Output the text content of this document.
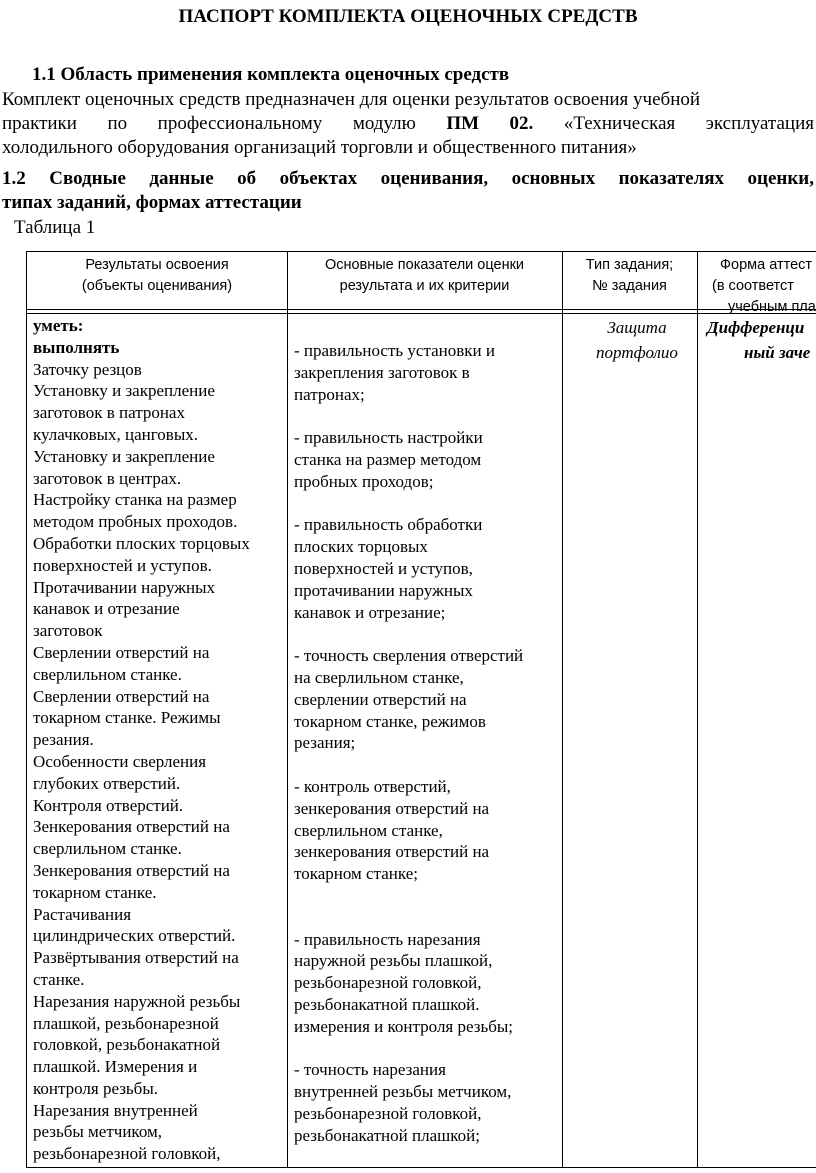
ПАСПОРТ КОМПЛЕКТА ОЦЕНОЧНЫХ СРЕДСТВ
1.1 Область применения комплекта оценочных средств
Комплект оценочных средств предназначен для оценки результатов освоения учебной
практики по профессиональному модулю ПМ 02. «Техническая эксплуатация
холодильного оборудования организаций торговли и общественного питания»
1.2 Сводные данные об объектах оценивания, основных показателях оценки,
типах заданий, формах аттестации
Таблица 1
Результаты освоения
(объекты оценивания)
Основные показатели оценки
результата и их критерии
Тип задания;
№ задания
Форма аттест
(в соответст
учебным пла
уметь:
выполнять
Заточку резцов
Установку и закрепление
заготовок в патронах
кулачковых, цанговых.
Установку и закрепление
заготовок в центрах.
Настройку станка на размер
методом пробных проходов.
Обработки плоских торцовых
поверхностей и уступов.
Протачивании наружных
канавок и отрезание
заготовок
Сверлении отверстий на
сверлильном станке.
Сверлении отверстий на
токарном станке. Режимы
резания.
Особенности сверления
глубоких отверстий.
Контроля отверстий.
Зенкерования отверстий на
сверлильном станке.
Зенкерования отверстий на
токарном станке.
Растачивания
цилиндрических отверстий.
Развёртывания отверстий на
станке.
Нарезания наружной резьбы
плашкой, резьбонарезной
головкой, резьбонакатной
плашкой. Измерения и
контроля резьбы.
Нарезания внутренней
резьбы метчиком,
резьбонарезной головкой,
- правильность установки и
закрепления заготовок в
патронах;
- правильность настройки
станка на размер методом
пробных проходов;
- правильность обработки
плоских торцовых
поверхностей и уступов,
протачивании наружных
канавок и отрезание;
- точность сверления отверстий
на сверлильном станке,
сверлении отверстий на
токарном станке, режимов
резания;
- контроль отверстий,
зенкерования отверстий на
сверлильном станке,
зенкерования отверстий на
токарном станке;
- правильность нарезания
наружной резьбы плашкой,
резьбонарезной головкой,
резьбонакатной плашкой.
измерения и контроля резьбы;
- точность нарезания
внутренней резьбы метчиком,
резьбонарезной головкой,
резьбонакатной плашкой;
Защита
портфолио
Дифференци
ный заче
